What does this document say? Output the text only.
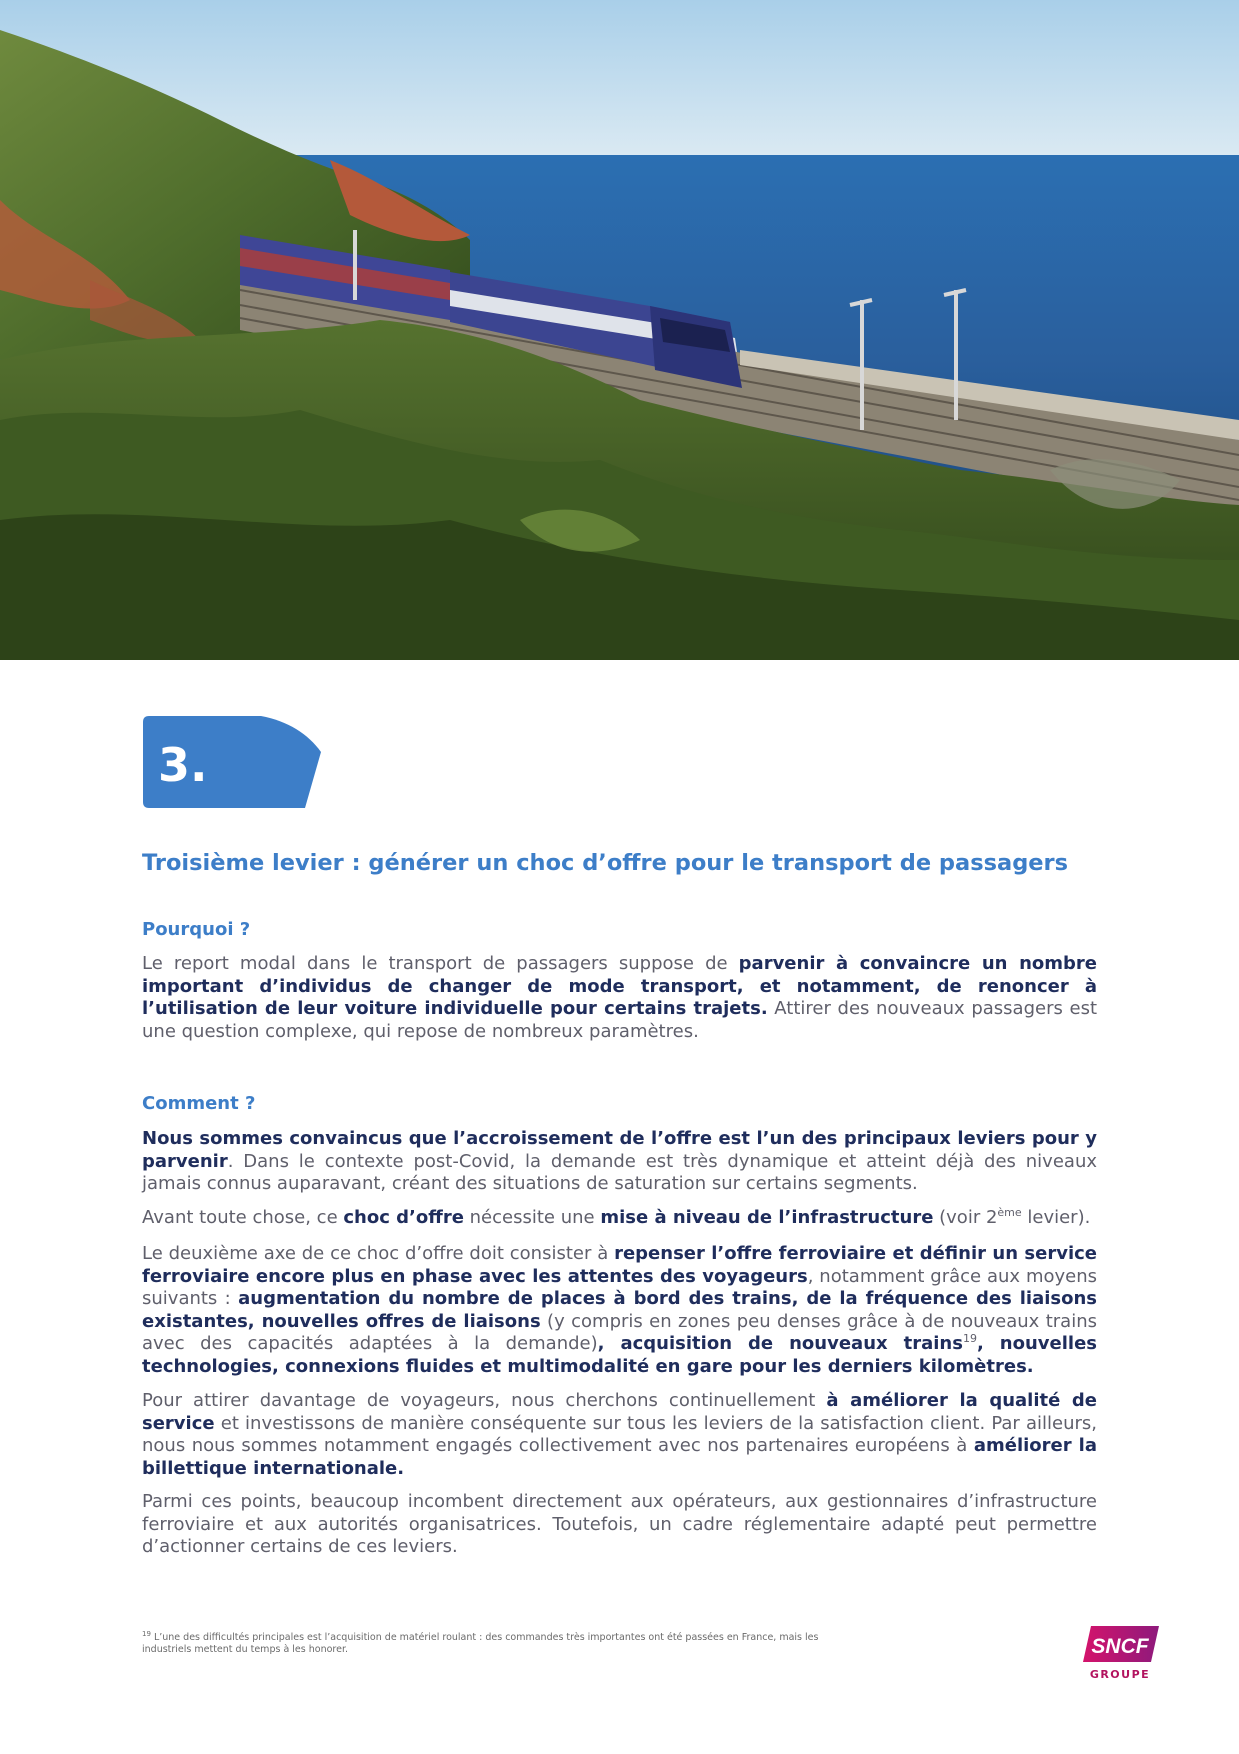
3.
Troisième levier : générer un choc d’offre pour le transport de passagers
Pourquoi ?

Le report modal dans le transport de passagers suppose de parvenir à convaincre un nombre important d’individus de changer de mode transport, et notamment, de renoncer à l’utilisation de leur voiture individuelle pour certains trajets. Attirer des nouveaux passagers est une question complexe, qui repose de nombreux paramètres.

Comment ?

Nous sommes convaincus que l’accroissement de l’offre est l’un des principaux leviers pour y parvenir. Dans le contexte post-Covid, la demande est très dynamique et atteint déjà des niveaux jamais connus auparavant, créant des situations de saturation sur certains segments.

Avant toute chose, ce choc d’offre nécessite une mise à niveau de l’infrastructure (voir 2ème levier).

Le deuxième axe de ce choc d’offre doit consister à repenser l’offre ferroviaire et définir un service ferroviaire encore plus en phase avec les attentes des voyageurs, notamment grâce aux moyens suivants : augmentation du nombre de places à bord des trains, de la fréquence des liaisons existantes, nouvelles offres de liaisons (y compris en zones peu denses grâce à de nouveaux trains avec des capacités adaptées à la demande), acquisition de nouveaux trains$^{19}$, nouvelles technologies, connexions fluides et multimodalité en gare pour les derniers kilomètres.

Pour attirer davantage de voyageurs, nous cherchons continuellement à améliorer la qualité de service et investissons de manière conséquente sur tous les leviers de la satisfaction client. Par ailleurs, nous nous sommes notamment engagés collectivement avec nos partenaires européens à améliorer la billettique internationale.

Parmi ces points, beaucoup incombent directement aux opérateurs, aux gestionnaires d’infrastructure ferroviaire et aux autorités organisatrices. Toutefois, un cadre réglementaire adapté peut permettre d’actionner certains de ces leviers.

$^{19}$ L’une des difficultés principales est l’acquisition de matériel roulant : des commandes très importantes ont été passées en France, mais les industriels mettent du temps à les honorer.	SNCF
GROUPE
